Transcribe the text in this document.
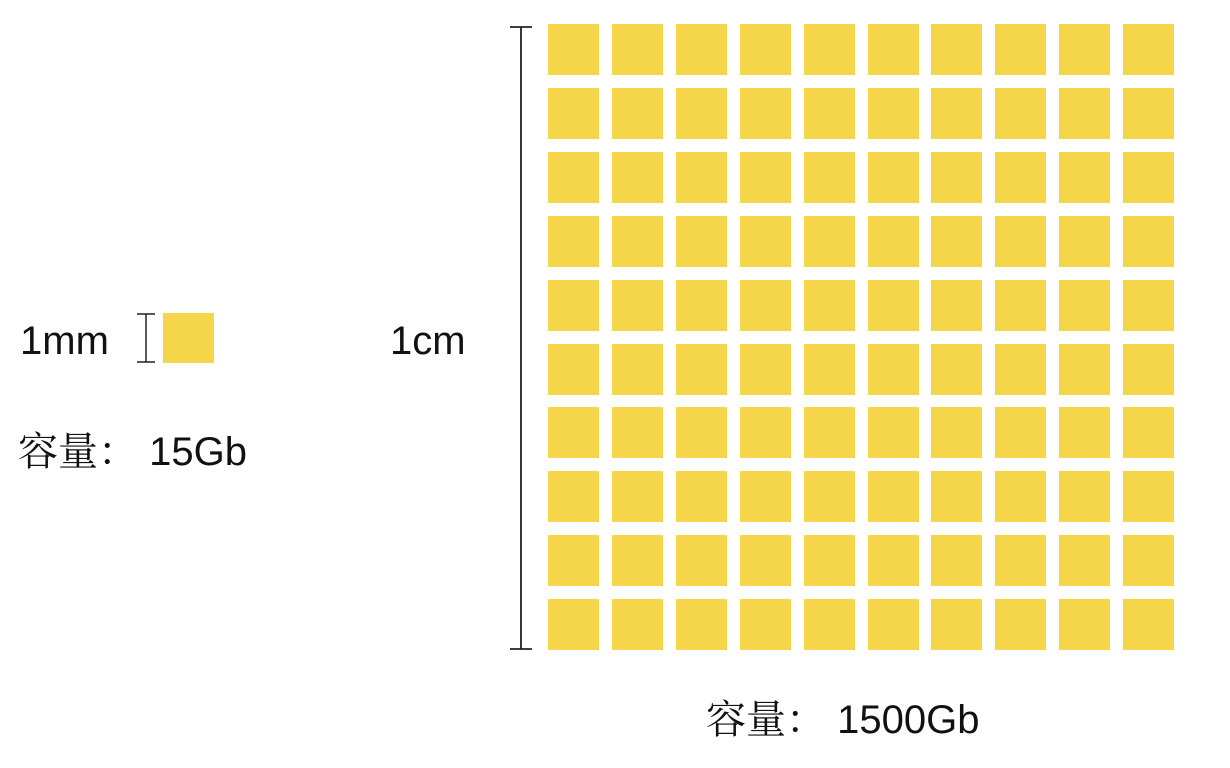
1mm
容量： 15Gb
1cm
容量： 1500Gb
